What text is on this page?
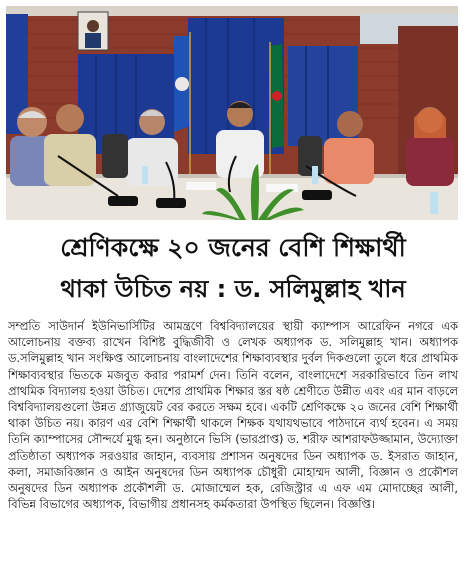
শ্রেণিকক্ষে ২০ জনের বেশি শিক্ষার্থী
থাকা উচিত নয় : ড. সলিমুল্লাহ খান
সম্প্রতি সাউদার্ন ইউনিভার্সিটির আমন্ত্রণে বিশ্ববিদ্যালয়ের স্থায়ী ক্যাম্পাস আরেফিন নগরে এক আলোচনায় বক্তব্য রাখেন বিশিষ্ট বুদ্ধিজীবী ও লেখক অধ্যাপক ড. সলিমুল্লাহ খান। অধ্যাপক ড.সলিমুল্লাহ খান সংক্ষিপ্ত আলোচনায় বাংলাদেশের শিক্ষাব্যবস্থার দুর্বল দিকগুলো তুলে ধরে প্রাথমিক শিক্ষাব্যবস্থার ভিতকে মজবুত করার পরামর্শ দেন। তিনি বলেন, বাংলাদেশে সরকারিভাবে তিন লাখ প্রাথমিক বিদ্যালয় হওয়া উচিত। দেশের প্রাথমিক শিক্ষার স্তর ষষ্ঠ শ্রেণীতে উন্নীত এবং এর মান বাড়লে বিশ্ববিদ্যালয়গুলো উন্নত গ্র্যাজুয়েট বের করতে সক্ষম হবে। একটি শ্রেণিকক্ষে ২০ জনের বেশি শিক্ষার্থী থাকা উচিত নয়। কারণ এর বেশি শিক্ষার্থী থাকলে শিক্ষক যথাযথভাবে পাঠদানে ব্যর্থ হবেন। এ সময় তিনি ক্যাম্পাসের সৌন্দর্যে মুগ্ধ হন। অনুষ্ঠানে ভিসি (ভারপ্রাপ্ত) ড. শরীফ আশরাফউজ্জামান, উদ্যোক্তা প্রতিষ্ঠাতা অধ্যাপক সরওয়ার জাহান, ব্যবসায় প্রশাসন অনুষদের ডিন অধ্যাপক ড. ইসরাত জাহান, কলা, সমাজবিজ্ঞান ও আইন অনুষদের ডিন অধ্যাপক চৌধুরী মোহাম্মদ আলী, বিজ্ঞান ও প্রকৌশল অনুষদের ডিন অধ্যাপক প্রকৌশলী ড. মোজাম্মেল হক, রেজিস্ট্রার এ এফ এম মোদাচ্ছের আলী, বিভিন্ন বিভাগের অধ্যাপক, বিভাগীয় প্রধানসহ কর্মকতারা উপস্থিত ছিলেন। বিজ্ঞপ্তি।
